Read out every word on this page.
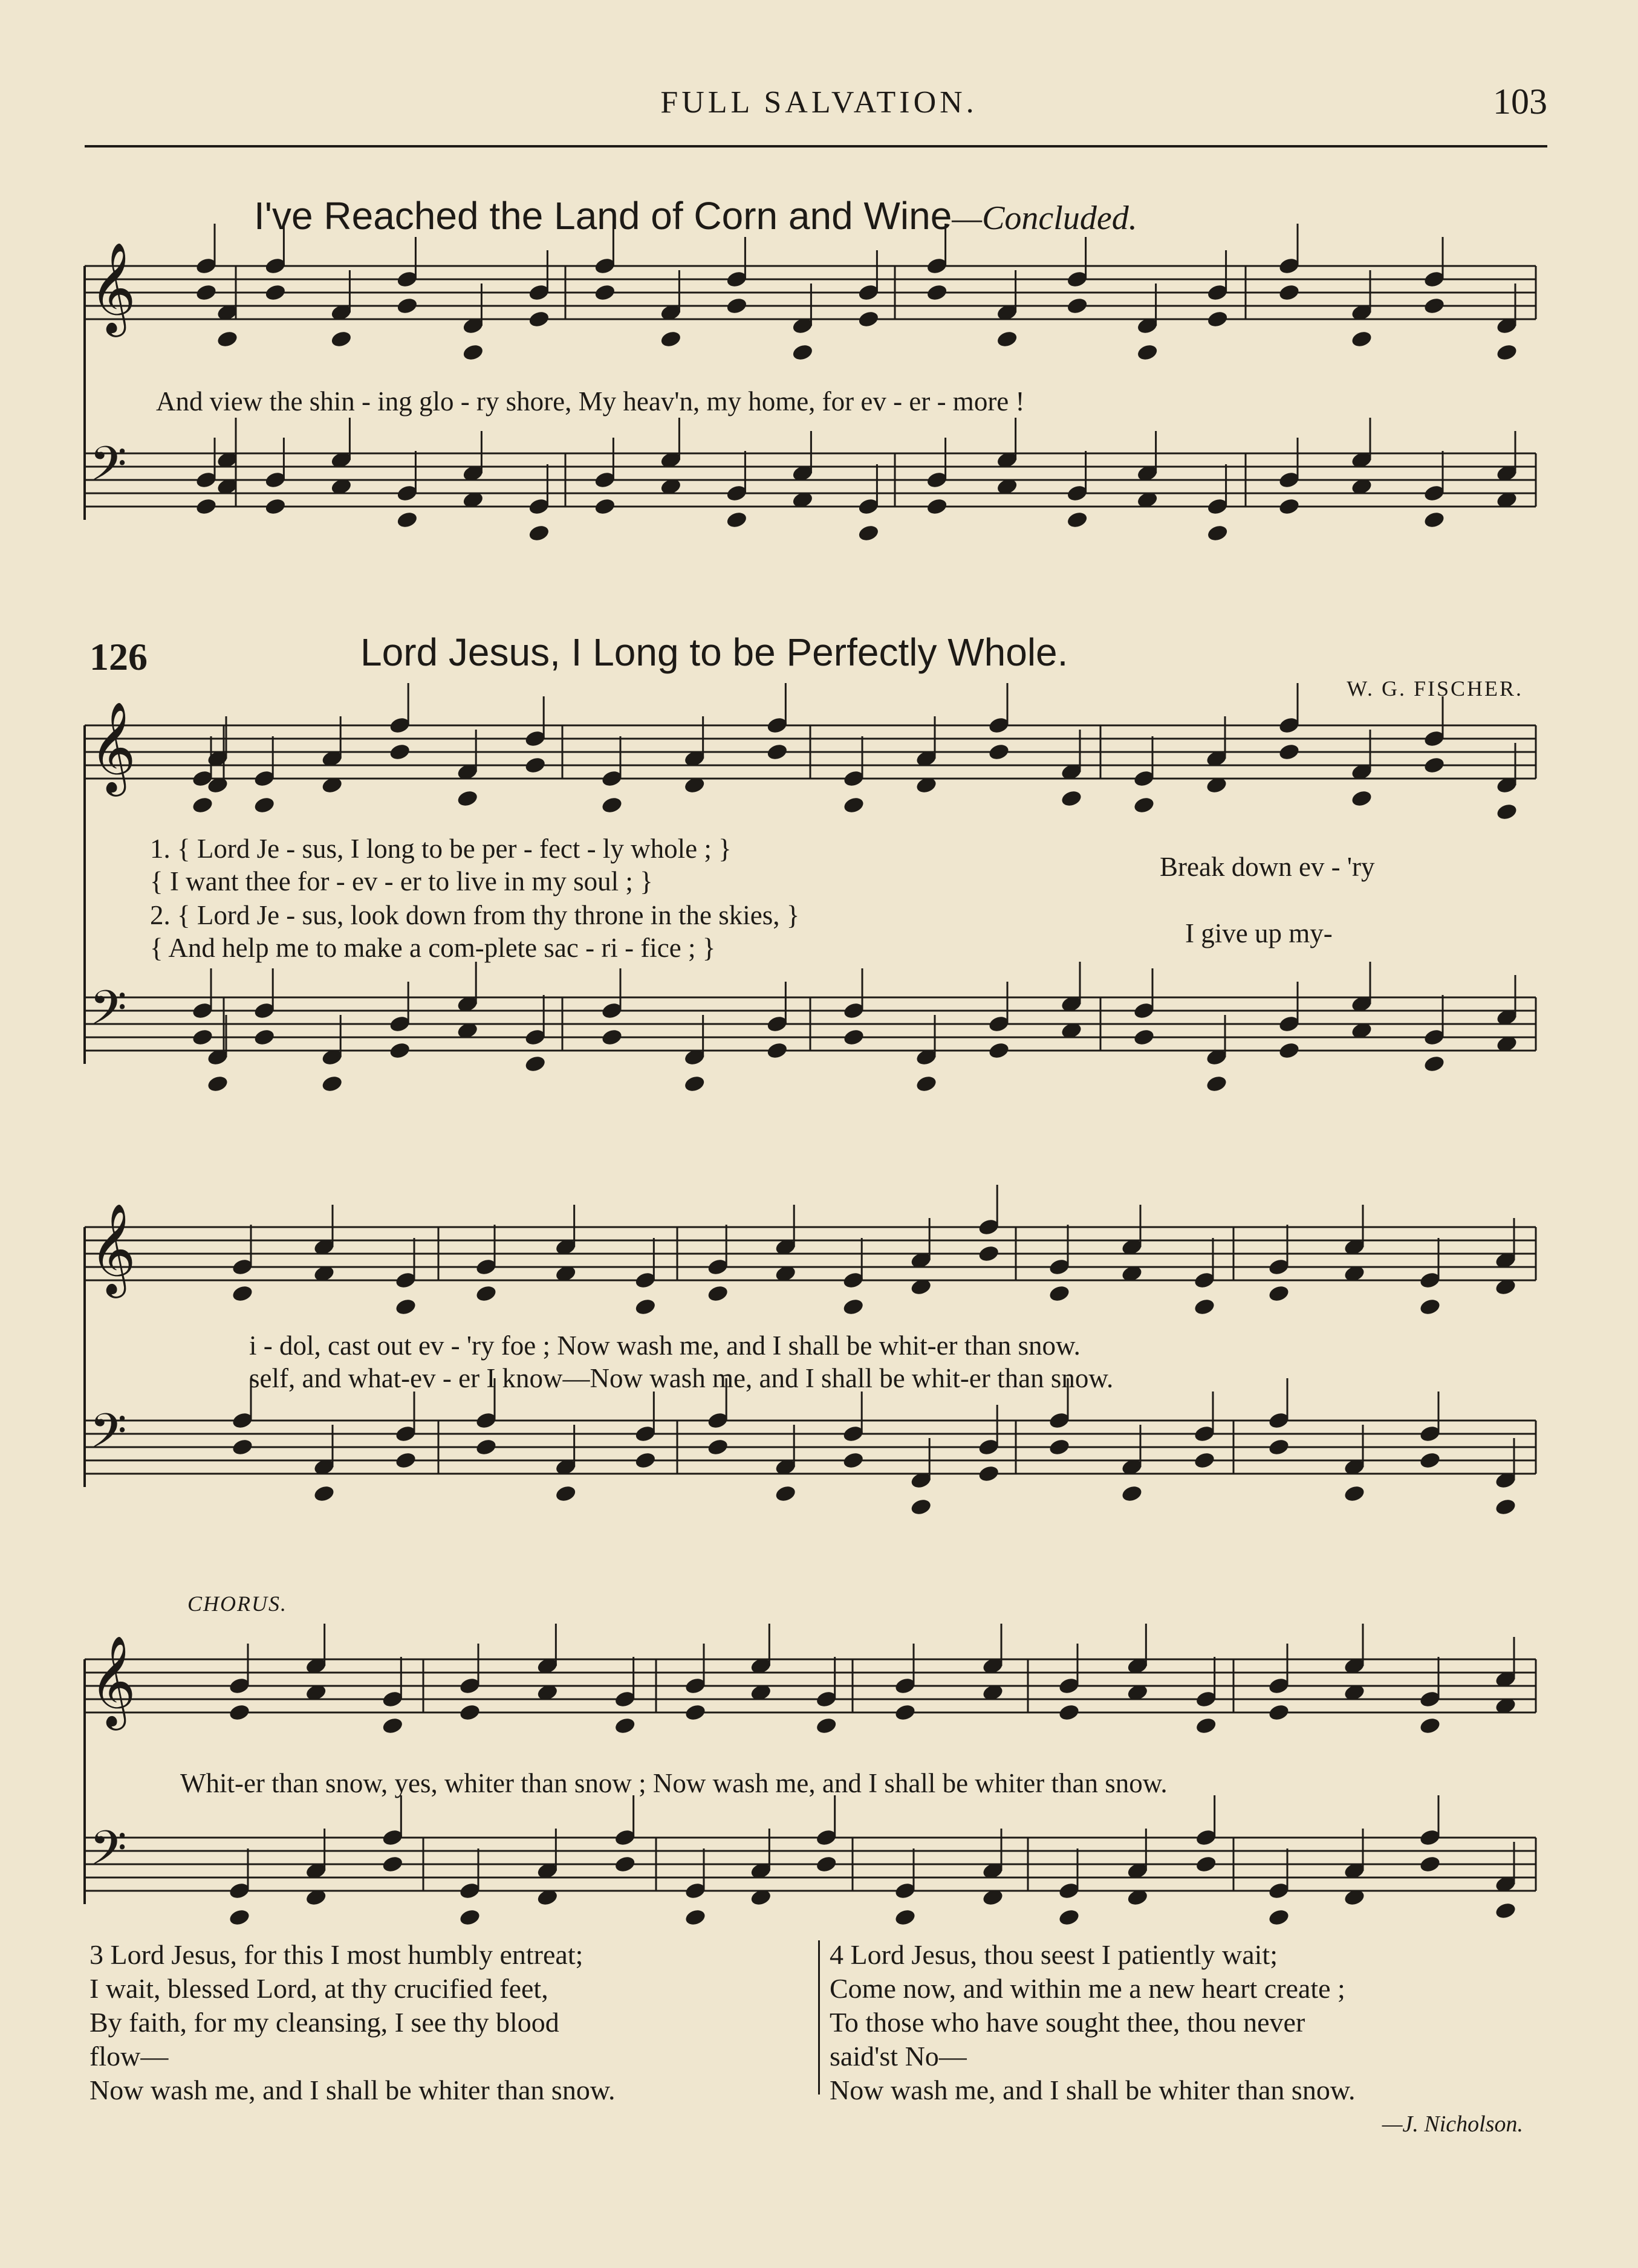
FULL SALVATION.	103
I've Reached the Land of Corn and Wine—Concluded.
𝄞
𝄢
𝄞
𝄢
𝄞
𝄢
𝄞
𝄢
And view the shin - ing glo - ry shore, My heav'n, my home, for ev - er - more !
126	Lord Jesus, I Long to be Perfectly Whole.
W. G. FISCHER.
1. { Lord Je - sus, I long to be per - fect - ly whole ; }
{ I want thee for - ev - er to live in my soul ; }	Break down ev - 'ry
2. { Lord Je - sus, look down from thy throne in the skies, }
{ And help me to make a com-plete sac - ri - fice ; }	I give up my-
i - dol, cast out ev - 'ry foe ; Now wash me, and I shall be whit-er than snow.
self, and what-ev - er I know—Now wash me, and I shall be whit-er than snow.
CHORUS.
Whit-er than snow, yes, whiter than snow ; Now wash me, and I shall be whiter than snow.
3 Lord Jesus, for this I most humbly entreat;
I wait, blessed Lord, at thy crucified feet,
By faith, for my cleansing, I see thy blood
flow—
Now wash me, and I shall be whiter than snow.
4 Lord Jesus, thou seest I patiently wait;
Come now, and within me a new heart create ;
To those who have sought thee, thou never
said'st No—
Now wash me, and I shall be whiter than snow.
—J. Nicholson.
